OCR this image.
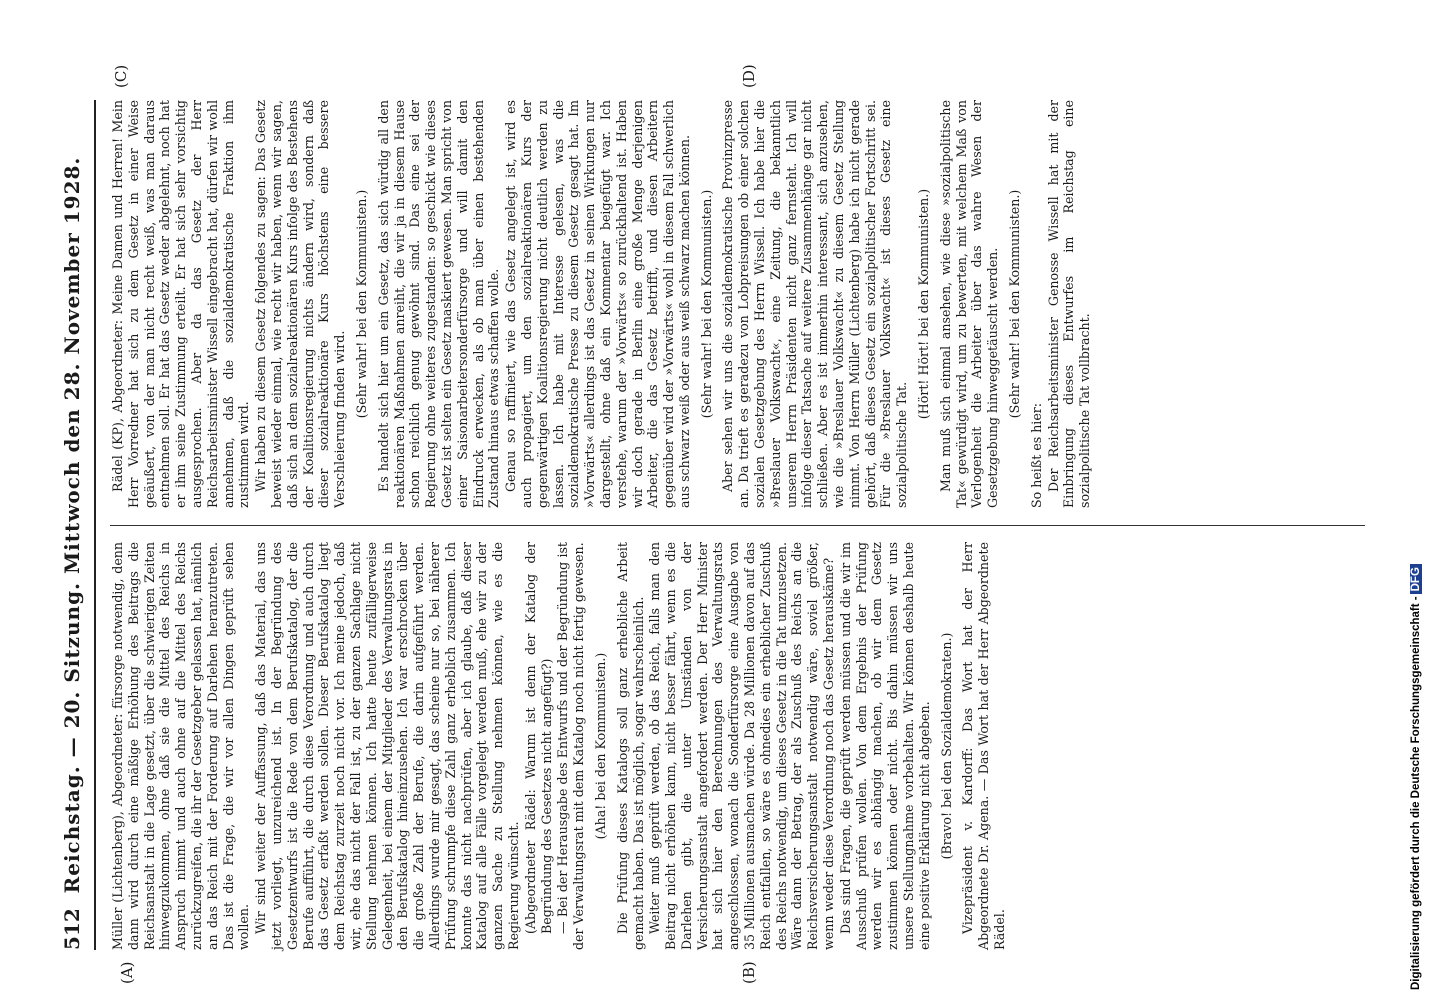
512
Reichstag. — 20. Sitzung. Mittwoch den 28. November 1928.
(A)	(B)
(C)	(D)

Müller (Lichtenberg), Abgeordneter: fürsorge notwendig, denn dann wird durch eine mäßige Erhöhung des Beitrags die Reichsanstalt in die Lage gesetzt, über die schwierigen Zeiten hinwegzukommen, ohne daß sie die Mittel des Reichs in Anspruch nimmt und auch ohne auf die Mittel des Reichs zurückzugreifen, die ihr der Gesetzgeber gelassen hat, nämlich an das Reich mit der Forderung auf Darlehen heranzutreten. Das ist die Frage, die wir vor allen Dingen geprüft sehen wollen. Wir sind weiter der Auffassung, daß das Material, das uns jetzt vorliegt, unzureichend ist. In der Begründung des Gesetzentwurfs ist die Rede von dem Berufskatalog, der die Berufe aufführt, die durch diese Verordnung und auch durch das Gesetz erfaßt werden sollen. Dieser Berufskatalog liegt dem Reichstag zurzeit noch nicht vor. Ich meine jedoch, daß wir, ehe das nicht der Fall ist, zu der ganzen Sachlage nicht Stellung nehmen können. Ich hatte heute zufälligerweise Gelegenheit, bei einem der Mitglieder des Verwaltungsrats in den Berufskatalog hineinzusehen. Ich war erschrocken über die große Zahl der Berufe, die darin aufgeführt werden. Allerdings wurde mir gesagt, das scheine nur so, bei näherer Prüfung schrumpfe diese Zahl ganz erheblich zusammen. Ich konnte das nicht nachprüfen, aber ich glaube, daß dieser Katalog auf alle Fälle vorgelegt werden muß, ehe wir zu der ganzen Sache zu Stellung nehmen können, wie es die Regierung wünscht. (Abgeordneter Rädel: Warum ist denn der Katalog der Begründung des Gesetzes nicht angefügt?) — Bei der Herausgabe des Entwurfs und der Begründung ist der Verwaltungsrat mit dem Katalog noch nicht fertig gewesen. (Aha! bei den Kommunisten.) Die Prüfung dieses Katalogs soll ganz erhebliche Arbeit gemacht haben. Das ist möglich, sogar wahrscheinlich. Weiter muß geprüft werden, ob das Reich, falls man den Beitrag nicht erhöhen kann, nicht besser fährt, wenn es die Darlehen gibt, die unter Umständen von der Versicherungsanstalt angefordert werden. Der Herr Minister hat sich hier den Berechnungen des Verwaltungsrats angeschlossen, wonach die Sonderfürsorge eine Ausgabe von 35 Millionen ausmachen würde. Da 28 Millionen davon auf das Reich entfallen, so wäre es ohnedies ein erheblicher Zuschuß des Reichs notwendig, um dieses Gesetz in die Tat umzusetzen. Wäre dann der Betrag, der als Zuschuß des Reichs an die Reichsversicherungsanstalt notwendig wäre, soviel größer, wenn weder diese Verordnung noch das Gesetz herauskäme? Das sind Fragen, die geprüft werden müssen und die wir im Ausschuß prüfen wollen. Von dem Ergebnis der Prüfung werden wir es abhängig machen, ob wir dem Gesetz zustimmen können oder nicht. Bis dahin müssen wir uns unsere Stellungnahme vorbehalten. Wir können deshalb heute eine positive Erklärung nicht abgeben. (Bravo! bei den Sozialdemokraten.) Vizepräsident v. Kardorff: Das Wort hat der Herr Abgeordnete Dr. Agena. — Das Wort hat der Herr Abgeordnete Rädel.

Rädel (KP), Abgeordneter: Meine Damen und Herren! Mein Herr Vorredner hat sich zu dem Gesetz in einer Weise geäußert, von der man nicht recht weiß, was man daraus entnehmen soll. Er hat das Gesetz weder abgelehnt, noch hat er ihm seine Zustimmung erteilt. Er hat sich sehr vorsichtig ausgesprochen. Aber da das Gesetz der Herr Reichsarbeitsminister Wissell eingebracht hat, dürfen wir wohl annehmen, daß die sozialdemokratische Fraktion ihm zustimmen wird. Wir haben zu diesem Gesetz folgendes zu sagen: Das Gesetz beweist wieder einmal, wie recht wir haben, wenn wir sagen, daß sich an dem sozialreaktionären Kurs infolge des Bestehens der Koalitionsregierung nichts ändern wird, sondern daß dieser sozialreaktionäre Kurs höchstens eine bessere Verschleierung finden wird.

(Sehr wahr! bei den Kommunisten.) Es handelt sich hier um ein Gesetz, das sich würdig all den reaktionären Maßnahmen anreiht, die wir ja in diesem Hause schon reichlich genug gewöhnt sind. Das eine sei der Regierung ohne weiteres zugestanden: so geschickt wie dieses Gesetz ist selten ein Gesetz maskiert gewesen. Man spricht von einer Saisonarbeitersonderfürsorge und will damit den Eindruck erwecken, als ob man über einen bestehenden Zustand hinaus etwas schaffen wolle. Genau so raffiniert, wie das Gesetz angelegt ist, wird es auch propagiert, um den sozialreaktionären Kurs der gegenwärtigen Koalitionsregierung nicht deutlich werden zu lassen. Ich habe mit Interesse gelesen, was die sozialdemokratische Presse zu diesem Gesetz gesagt hat. Im »Vorwärts« allerdings ist das Gesetz in seinen Wirkungen nur dargestellt, ohne daß ein Kommentar beigefügt war. Ich verstehe, warum der »Vorwärts« so zurückhaltend ist. Haben wir doch gerade in Berlin eine große Menge derjenigen Arbeiter, die das Gesetz betrifft, und diesen Arbeitern gegenüber wird der »Vorwärts« wohl in diesem Fall schwerlich aus schwarz weiß oder aus weiß schwarz machen können. (Sehr wahr! bei den Kommunisten.) Aber sehen wir uns die sozialdemokratische Provinzpresse an. Da trieft es geradezu von Lobpreisungen ob einer solchen sozialen Gesetzgebung des Herrn Wissell. Ich habe hier die »Breslauer Volkswacht«, eine Zeitung, die bekanntlich unserem Herrn Präsidenten nicht ganz fernsteht. Ich will infolge dieser Tatsache auf weitere Zusammenhänge gar nicht schließen. Aber es ist immerhin interessant, sich anzusehen, wie die »Breslauer Volkswacht« zu diesem Gesetz Stellung nimmt. Von Herrn Müller (Lichtenberg) habe ich nicht gerade gehört, daß dieses Gesetz ein sozialpolitischer Fortschritt sei. Für die »Breslauer Volkswacht« ist dieses Gesetz eine sozialpolitische Tat.

(Hört! Hört! bei den Kommunisten.) Man muß sich einmal ansehen, wie diese »sozialpolitische Tat« gewürdigt wird, um zu bewerten, mit welchem Maß von Verlogenheit die Arbeiter über das wahre Wesen der Gesetzgebung hinweggetäuscht werden. (Sehr wahr! bei den Kommunisten.)

So heißt es hier: Der Reichsarbeitsminister Genosse Wissell hat mit der Einbringung dieses Entwurfes im Reichstag eine sozialpolitische Tat vollbracht.

Digitalisierung gefördert durch die Deutsche Forschungsgemeinschaft -DFG
